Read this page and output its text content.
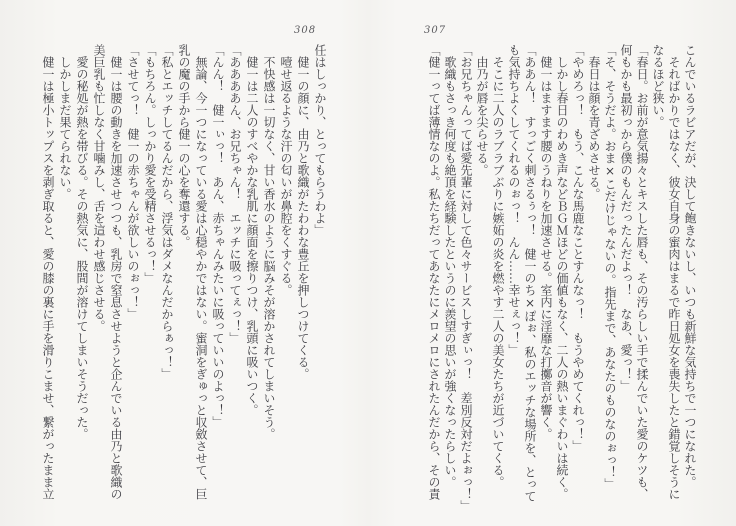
308	307

こんでいるラビアだが、決して飽きないし、いつも新鮮な気持ちで一つになれた。

そればかりではなく、彼女自身の蜜肉はまるで昨日処女を喪失したと錯覚しそうに

なるほど狭い。

「春日。お前が意気揚々とキスした唇も、その汚らしい手で揉んでいた愛のケツも、

何もかも最初っから僕のもんだったんだよっ！　なあ、愛っ！」

「そ、そうだよ。おま×こだけじゃないの。指先まで、あなたのものなのぉっ！」

春日は顔を青ざめさせる。

「やめろっ！　もう、こんな馬鹿なことすんなっ！　もうやめてくれっ！」

しかし春日のわめき声などＢＧＭほどの価値もなく、二人の熱いまぐわいは続く。

健一はますます腰のうねりを加速させる。室内に淫靡な打擲音が響く。

「ああん！　すっごく刺さるぅっ！　健一のち×ぽぉ、私のエッチな場所を、とって

も気持ちよくしてくれるのぉっ！　んん……幸せぇっ！」

そこに二人のラブラブぶりに嫉妬の炎を燃やす二人の美女たちが近づいてくる。

由乃が唇を尖らせる。

「お兄ちゃんってば愛先輩に対して色々サービスしすぎぃっ！　差別反対だよぉっ！」

歌織もさっき何度も絶頂を経験したというのに羨望の思いが強くなったらしい。

「健一ってば薄情なのよ。私たちだってあなたにメロメロにされたんだから、その責

任はしっかり、とってもらうわよ」

健一の顔に、由乃と歌織がたわわな豊丘を押しつけてくる。

噎せ返るような汗の匂いが鼻腔をくすぐる。

不快感は一切なく、甘い香水のように脳みそが溶かされてしまいそう。

健一は二人のすべやかな乳肌に顔面を擦りつけ、乳頭に吸いつく。

「ああああん、お兄ちゃん！　エッチに吸ってぇっ！」

「んん！　健一ぃっ！　あん、赤ちゃんみたいに吸っていいのよっ！」

無論、今一つになっている愛は心穏やかではない。蜜洞をぎゅっと収斂させて、巨

乳の魔の手から健一の心を奪還する。

「私とエッチしてるんだから、浮気はダメなんだからぁっ！」

「もちろん。しっかり愛を受精させるっ！」

「させてっ！　健一の赤ちゃんが欲しいのぉっ！」

健一は腰の動きを加速させつつも、乳房で窒息させようと企んでいる由乃と歌織の

美巨乳も忙しなく甘噛みし、舌を這わせ感じさせる。

愛の秘処が熱を帯びる。その熱気に、股間が溶けてしまいそうだった。

しかしまだ果てられない。

健一は極小トップスを剥ぎ取ると、愛の膝の裏に手を滑りこませ、繋がったまま立
